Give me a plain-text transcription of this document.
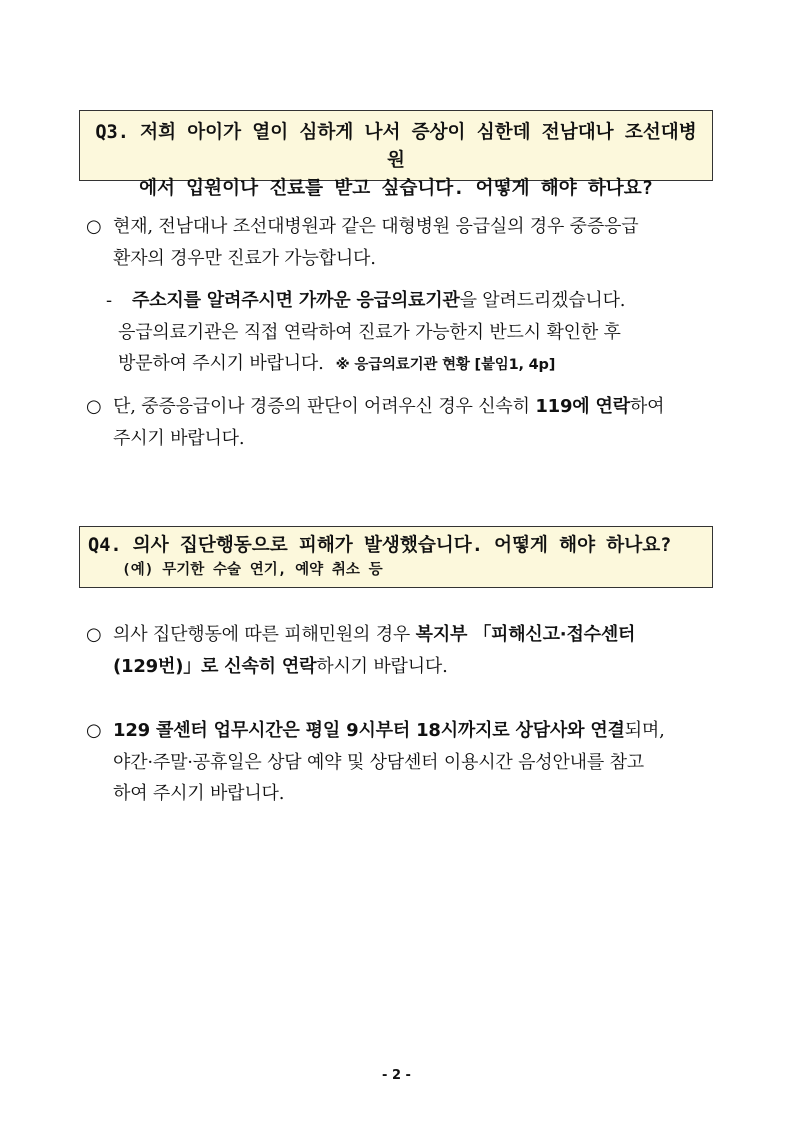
Q3. 저희 아이가 열이 심하게 나서 증상이 심한데 전남대나 조선대병원
에서 입원이나 진료를 받고 싶습니다. 어떻게 해야 하나요?
○ 현재, 전남대나 조선대병원과 같은 대형병원 응급실의 경우 중증응급
환자의 경우만 진료가 가능합니다.
- 주소지를 알려주시면 가까운 응급의료기관을 알려드리겠습니다.
응급의료기관은 직접 연락하여 진료가 가능한지 반드시 확인한 후
방문하여 주시기 바랍니다. ※ 응급의료기관 현황 [붙임1, 4p]
○ 단, 중증응급이나 경증의 판단이 어려우신 경우 신속히 119에 연락하여
주시기 바랍니다.
Q4. 의사 집단행동으로 피해가 발생했습니다. 어떻게 해야 하나요?
(예) 무기한 수술 연기, 예약 취소 등
○ 의사 집단행동에 따른 피해민원의 경우 복지부 「피해신고·접수센터
(129번)」로 신속히 연락하시기 바랍니다.
○ 129 콜센터 업무시간은 평일 9시부터 18시까지로 상담사와 연결되며,
야간·주말·공휴일은 상담 예약 및 상담센터 이용시간 음성안내를 참고
하여 주시기 바랍니다.
- 2 -
